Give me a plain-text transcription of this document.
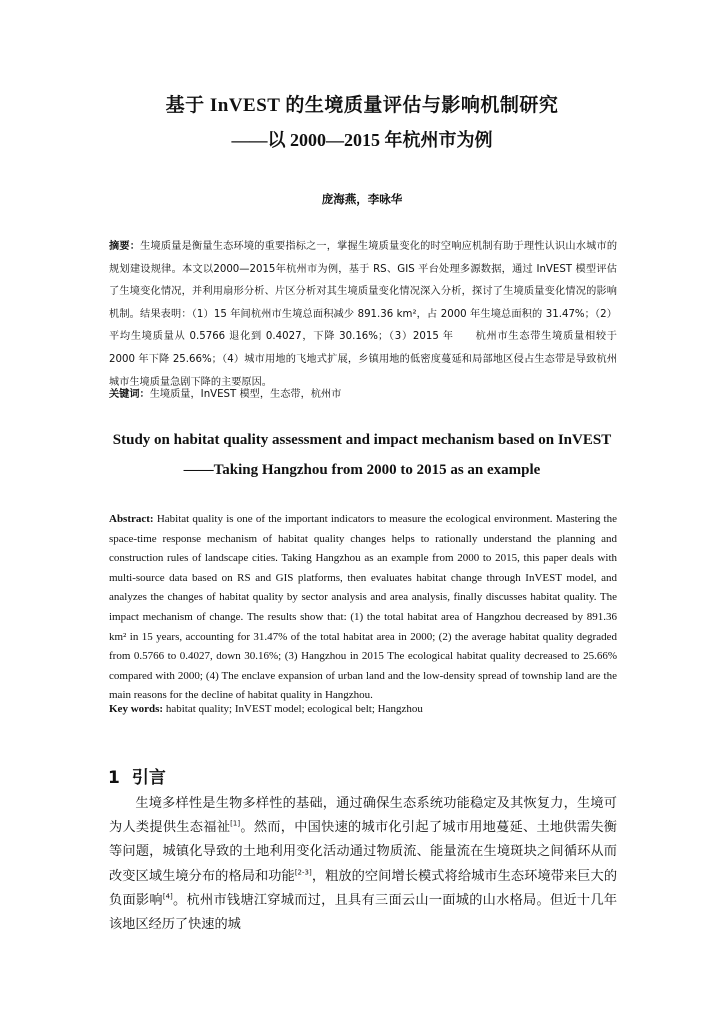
基于 InVEST 的生境质量评估与影响机制研究
——以 2000—2015 年杭州市为例
庞海燕，李咏华
摘要：生境质量是衡量生态环境的重要指标之一，掌握生境质量变化的时空响应机制有助于理性认识山水城市的规划建设规律。本文以2000—2015年杭州市为例，基于 RS、GIS 平台处理多源数据，通过 InVEST 模型评估了生境变化情况，并利用扇形分析、片区分析对其生境质量变化情况深入分析，探讨了生境质量变化情况的影响机制。结果表明：（1）15 年间杭州市生境总面积减少 891.36 km²，占 2000 年生境总面积的 31.47%；（2）平均生境质量从 0.5766 退化到 0.4027，下降 30.16%；（3）2015 年　　杭州市生态带生境质量相较于 2000 年下降 25.66%；（4）城市用地的飞地式扩展，乡镇用地的低密度蔓延和局部地区侵占生态带是导致杭州城市生境质量急剧下降的主要原因。
关键词：生境质量，InVEST 模型，生态带，杭州市
Study on habitat quality assessment and impact mechanism based on InVEST
——Taking Hangzhou from 2000 to 2015 as an example
Abstract: Habitat quality is one of the important indicators to measure the ecological environment. Mastering the space-time response mechanism of habitat quality changes helps to rationally understand the planning and construction rules of landscape cities. Taking Hangzhou as an example from 2000 to 2015, this paper deals with multi-source data based on RS and GIS platforms, then evaluates habitat change through InVEST model, and analyzes the changes of habitat quality by sector analysis and area analysis, finally discusses habitat quality. The impact mechanism of change. The results show that: (1) the total habitat area of Hangzhou decreased by 891.36 km² in 15 years, accounting for 31.47% of the total habitat area in 2000; (2) the average habitat quality degraded from 0.5766 to 0.4027, down 30.16%; (3) Hangzhou in 2015 The ecological habitat quality decreased to 25.66% compared with 2000; (4) The enclave expansion of urban land and the low-density spread of township land are the main reasons for the decline of habitat quality in Hangzhou.
Key words: habitat quality; InVEST model; ecological belt; Hangzhou
1 引言
生境多样性是生物多样性的基础，通过确保生态系统功能稳定及其恢复力，生境可为人类提供生态福祉[1]。然而，中国快速的城市化引起了城市用地蔓延、土地供需失衡等问题，城镇化导致的土地利用变化活动通过物质流、能量流在生境斑块之间循环从而改变区域生境分布的格局和功能[2-3]，粗放的空间增长模式将给城市生态环境带来巨大的负面影响[4]。杭州市钱塘江穿城而过，且具有三面云山一面城的山水格局。但近十几年该地区经历了快速的城
